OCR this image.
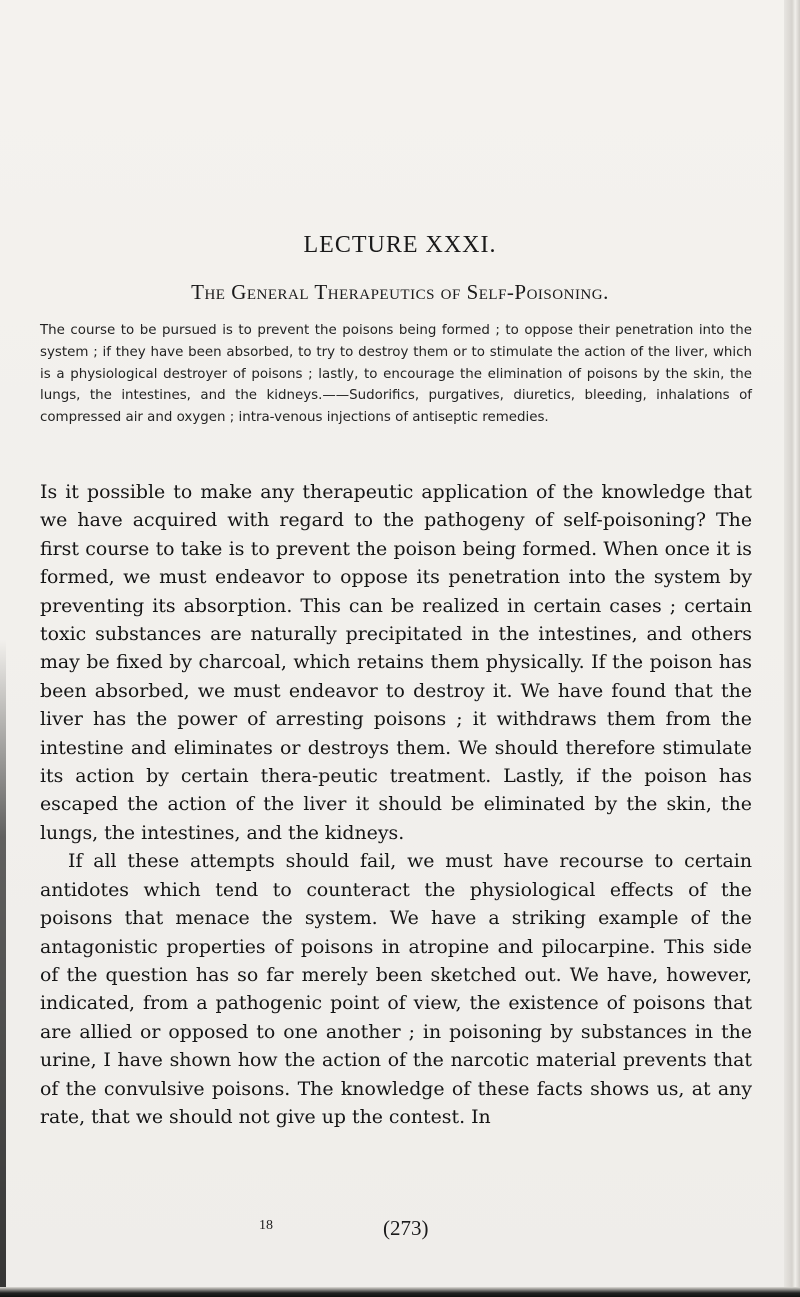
LECTURE XXXI.
The General Therapeutics of Self-Poisoning.
The course to be pursued is to prevent the poisons being formed ; to oppose their penetration into the system ; if they have been absorbed, to try to destroy them or to stimulate the action of the liver, which is a physiological destroyer of poisons ; lastly, to encourage the elimination of poisons by the skin, the lungs, the intestines, and the kidneys.——Sudorifics, purgatives, diuretics, bleeding, inhalations of compressed air and oxygen ; intra-venous injections of antiseptic remedies.

Is it possible to make any therapeutic application of the knowledge that we have acquired with regard to the pathogeny of self-poisoning? The first course to take is to prevent the poison being formed. When once it is formed, we must endeavor to oppose its penetration into the system by preventing its absorption. This can be realized in certain cases ; certain toxic substances are naturally precipitated in the intestines, and others may be fixed by charcoal, which retains them physically. If the poison has been absorbed, we must endeavor to destroy it. We have found that the liver has the power of arresting poisons ; it withdraws them from the intestine and eliminates or destroys them. We should therefore stimulate its action by certain thera-peutic treatment. Lastly, if the poison has escaped the action of the liver it should be eliminated by the skin, the lungs, the intestines, and the kidneys.

If all these attempts should fail, we must have recourse to certain antidotes which tend to counteract the physiological effects of the poisons that menace the system. We have a striking example of the antagonistic properties of poisons in atropine and pilocarpine. This side of the question has so far merely been sketched out. We have, however, indicated, from a pathogenic point of view, the existence of poisons that are allied or opposed to one another ; in poisoning by substances in the urine, I have shown how the action of the narcotic material prevents that of the convulsive poisons. The knowledge of these facts shows us, at any rate, that we should not give up the contest. In

18	(273)
